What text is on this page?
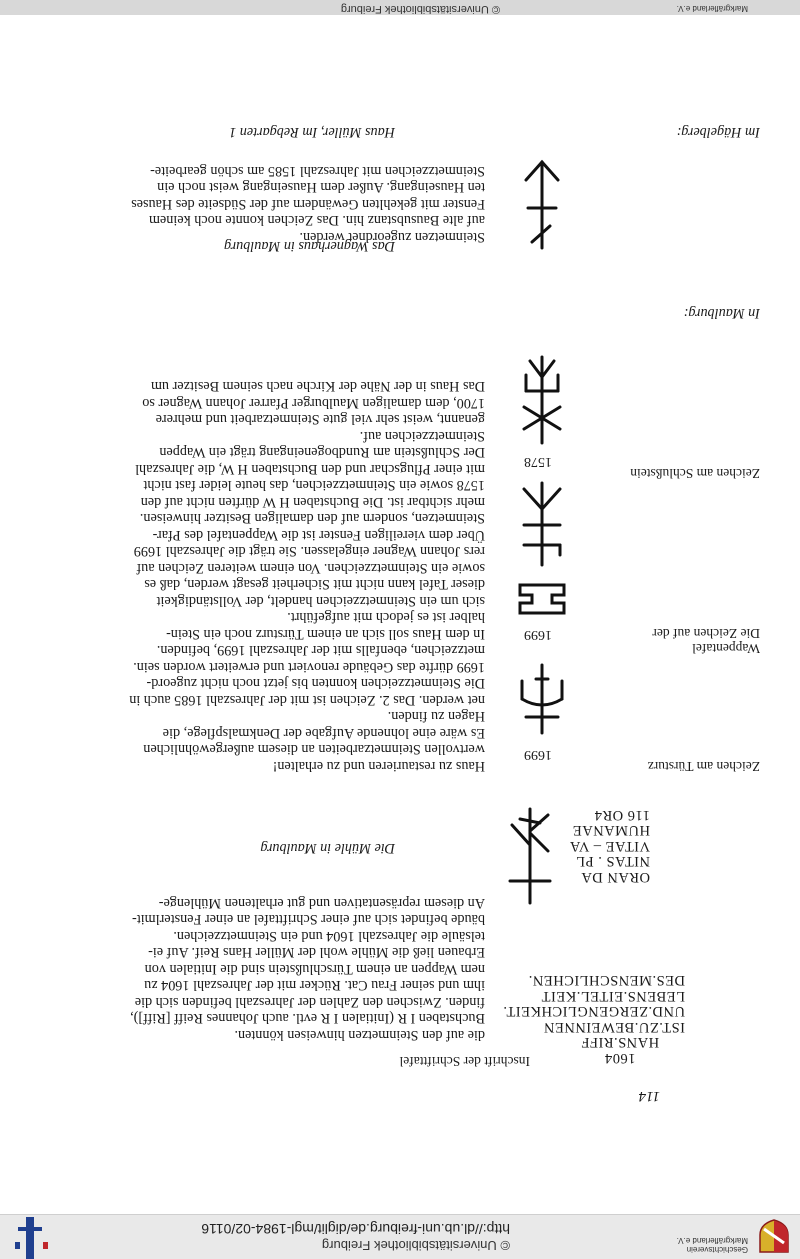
Geschichtsverein
Markgräflerland e.V.
© Universitätsbibliothek Freiburg
http://dl.ub.uni-freiburg.de/diglit/mgl-1984-02/0116
114
Inschrift der Schrifttafel	1604
HANS.RIFF
IST.ZU.BEWEINNEN
UND.ZERGENGLICHKEIT.
LEBENS.EITEL.KEIT
DES.MENSCHLICHEN.
die auf den Steinmetzen hinweisen könnten.
Buchstaben I R (Initialen I R evtl. auch Johannes Reiff [Riff]),
finden. Zwischen den Zahlen der Jahreszahl befinden sich die
ihm und seiner Frau Cat. Rücker mit der Jahreszahl 1604 zu
nem Wappen an einem Türschlußstein sind die Initialen von
Erbauen ließ die Mühle wohl der Müller Hans Reif. Auf ei-
telsäule die Jahreszahl 1604 und ein Steinmetzzeichen.
bäude befindet sich auf einer Schrifttafel an einer Fensterlmit-
An diesem repräsentativen und gut erhaltenen Mühlenge-
ORAN DA
NITAS . PL
VITAE – VA
HUMANAE
116 OR4
Die Mühle in Maulburg
Zeichen am Türsturz
1699
Haus zu restaurieren und zu erhalten!
wertvollen Steinmetzarbeiten an diesem außergewöhnlichen
Es wäre eine lohnende Aufgabe der Denkmalspflege, die
Hagen zu finden.
net werden. Das 2. Zeichen ist mit der Jahreszahl 1685 auch in
Die Steinmetzzeichen konnten bis jetzt noch nicht zugeord-
1699 dürfte das Gebäude renoviert und erweitert worden sein.
metzzeichen, ebenfalls mit der Jahreszahl 1699, befinden.
In dem Haus soll sich an einem Türsturz noch ein Stein-
halber ist es jedoch mit aufgeführt.
sich um ein Steinmetzzeichen handelt, der Vollständigkeit
dieser Tafel kann nicht mit Sicherheit gesagt werden, daß es
sowie ein Steinmetzzeichen. Von einem weiteren Zeichen auf
rers Johann Wagner eingelassen. Sie trägt die Jahreszahl 1699
Über dem viereiligen Fenster ist die Wappentafel des Pfar-
Steinmetzen, sondern auf den damaligen Besitzer hinweisen.
mehr sichtbar ist. Die Buchstaben H W dürften nicht auf den
1578 sowie ein Steinmetzzeichen, das heute leider fast nicht
mit einer Pflugschar und den Buchstaben H W, die Jahreszahl
Der Schlußstein am Rundbogeneingang trägt ein Wappen
Steinmetzzeichen auf.
genannt, weist sehr viel gute Steinmetzarbeit und mehrere
1700, dem damaligen Maulburger Pfarrer Johann Wagner so
Das Haus in der Nähe der Kirche nach seinem Besitzer um
Wappentafel
Die Zeichen auf der
1699
Zeichen am Schlußstein
1578
Das Wagnerhaus in Maulburg
In Maulburg:
Steinmetzen zugeordnet werden.
auf alte Bausubstanz hin. Das Zeichen konnte noch keinem
Fenster mit gekehlten Gewändern auf der Südseite des Hauses
ten Hauseingang. Außer dem Hauseingang weist noch ein
Steinmetzzeichen mit Jahreszahl 1585 am schön gearbeite-
Haus Müller, Im Rebgarten 1	Im Hägelberg:
© Universitätsbibliothek Freiburg	Markgräflerland e.V.
